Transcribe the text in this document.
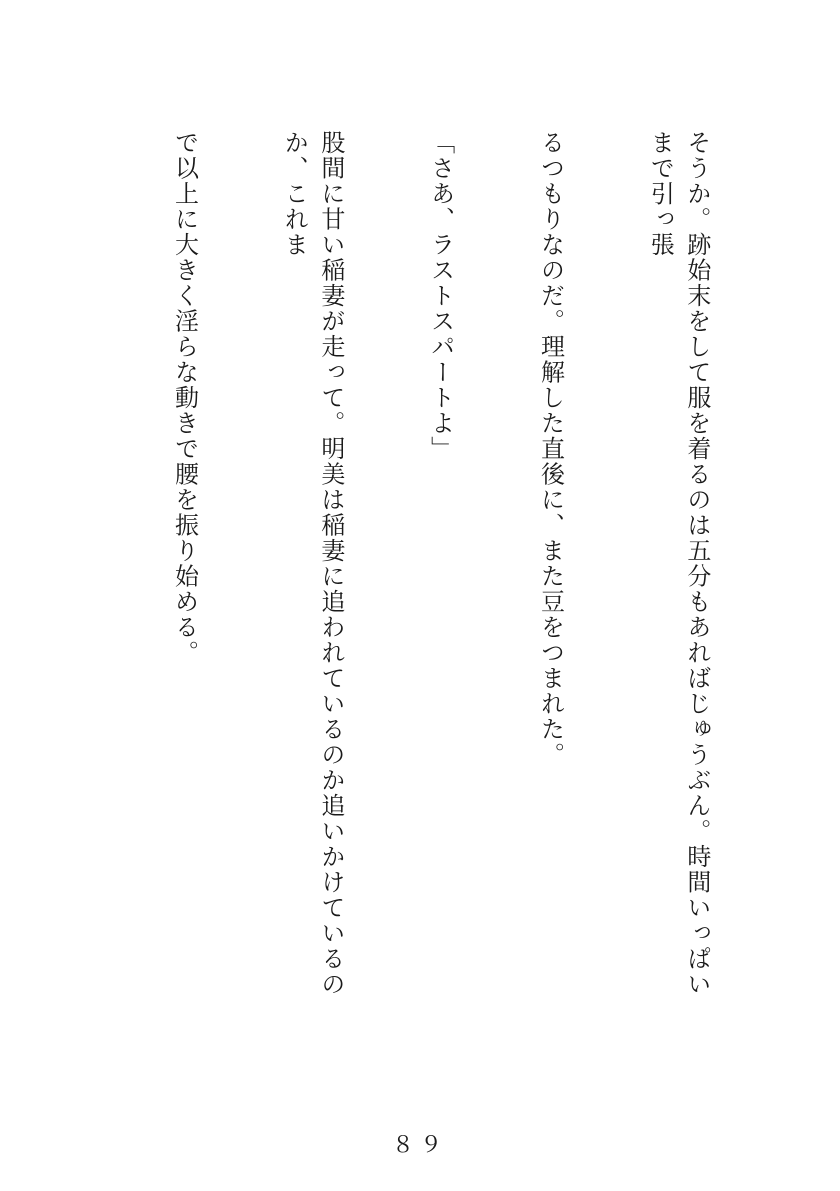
そうか。跡始末をして服を着るのは五分もあればじゅうぶん。時間いっぱいまで引っ張

るつもりなのだ。理解した直後に、また豆をつまれた。

「さあ、ラストスパートよ」

股間に甘い稲妻が走って。明美は稲妻に追われているのか追いかけているのか、これま

で以上に大きく淫らな動きで腰を振り始める。

８９
